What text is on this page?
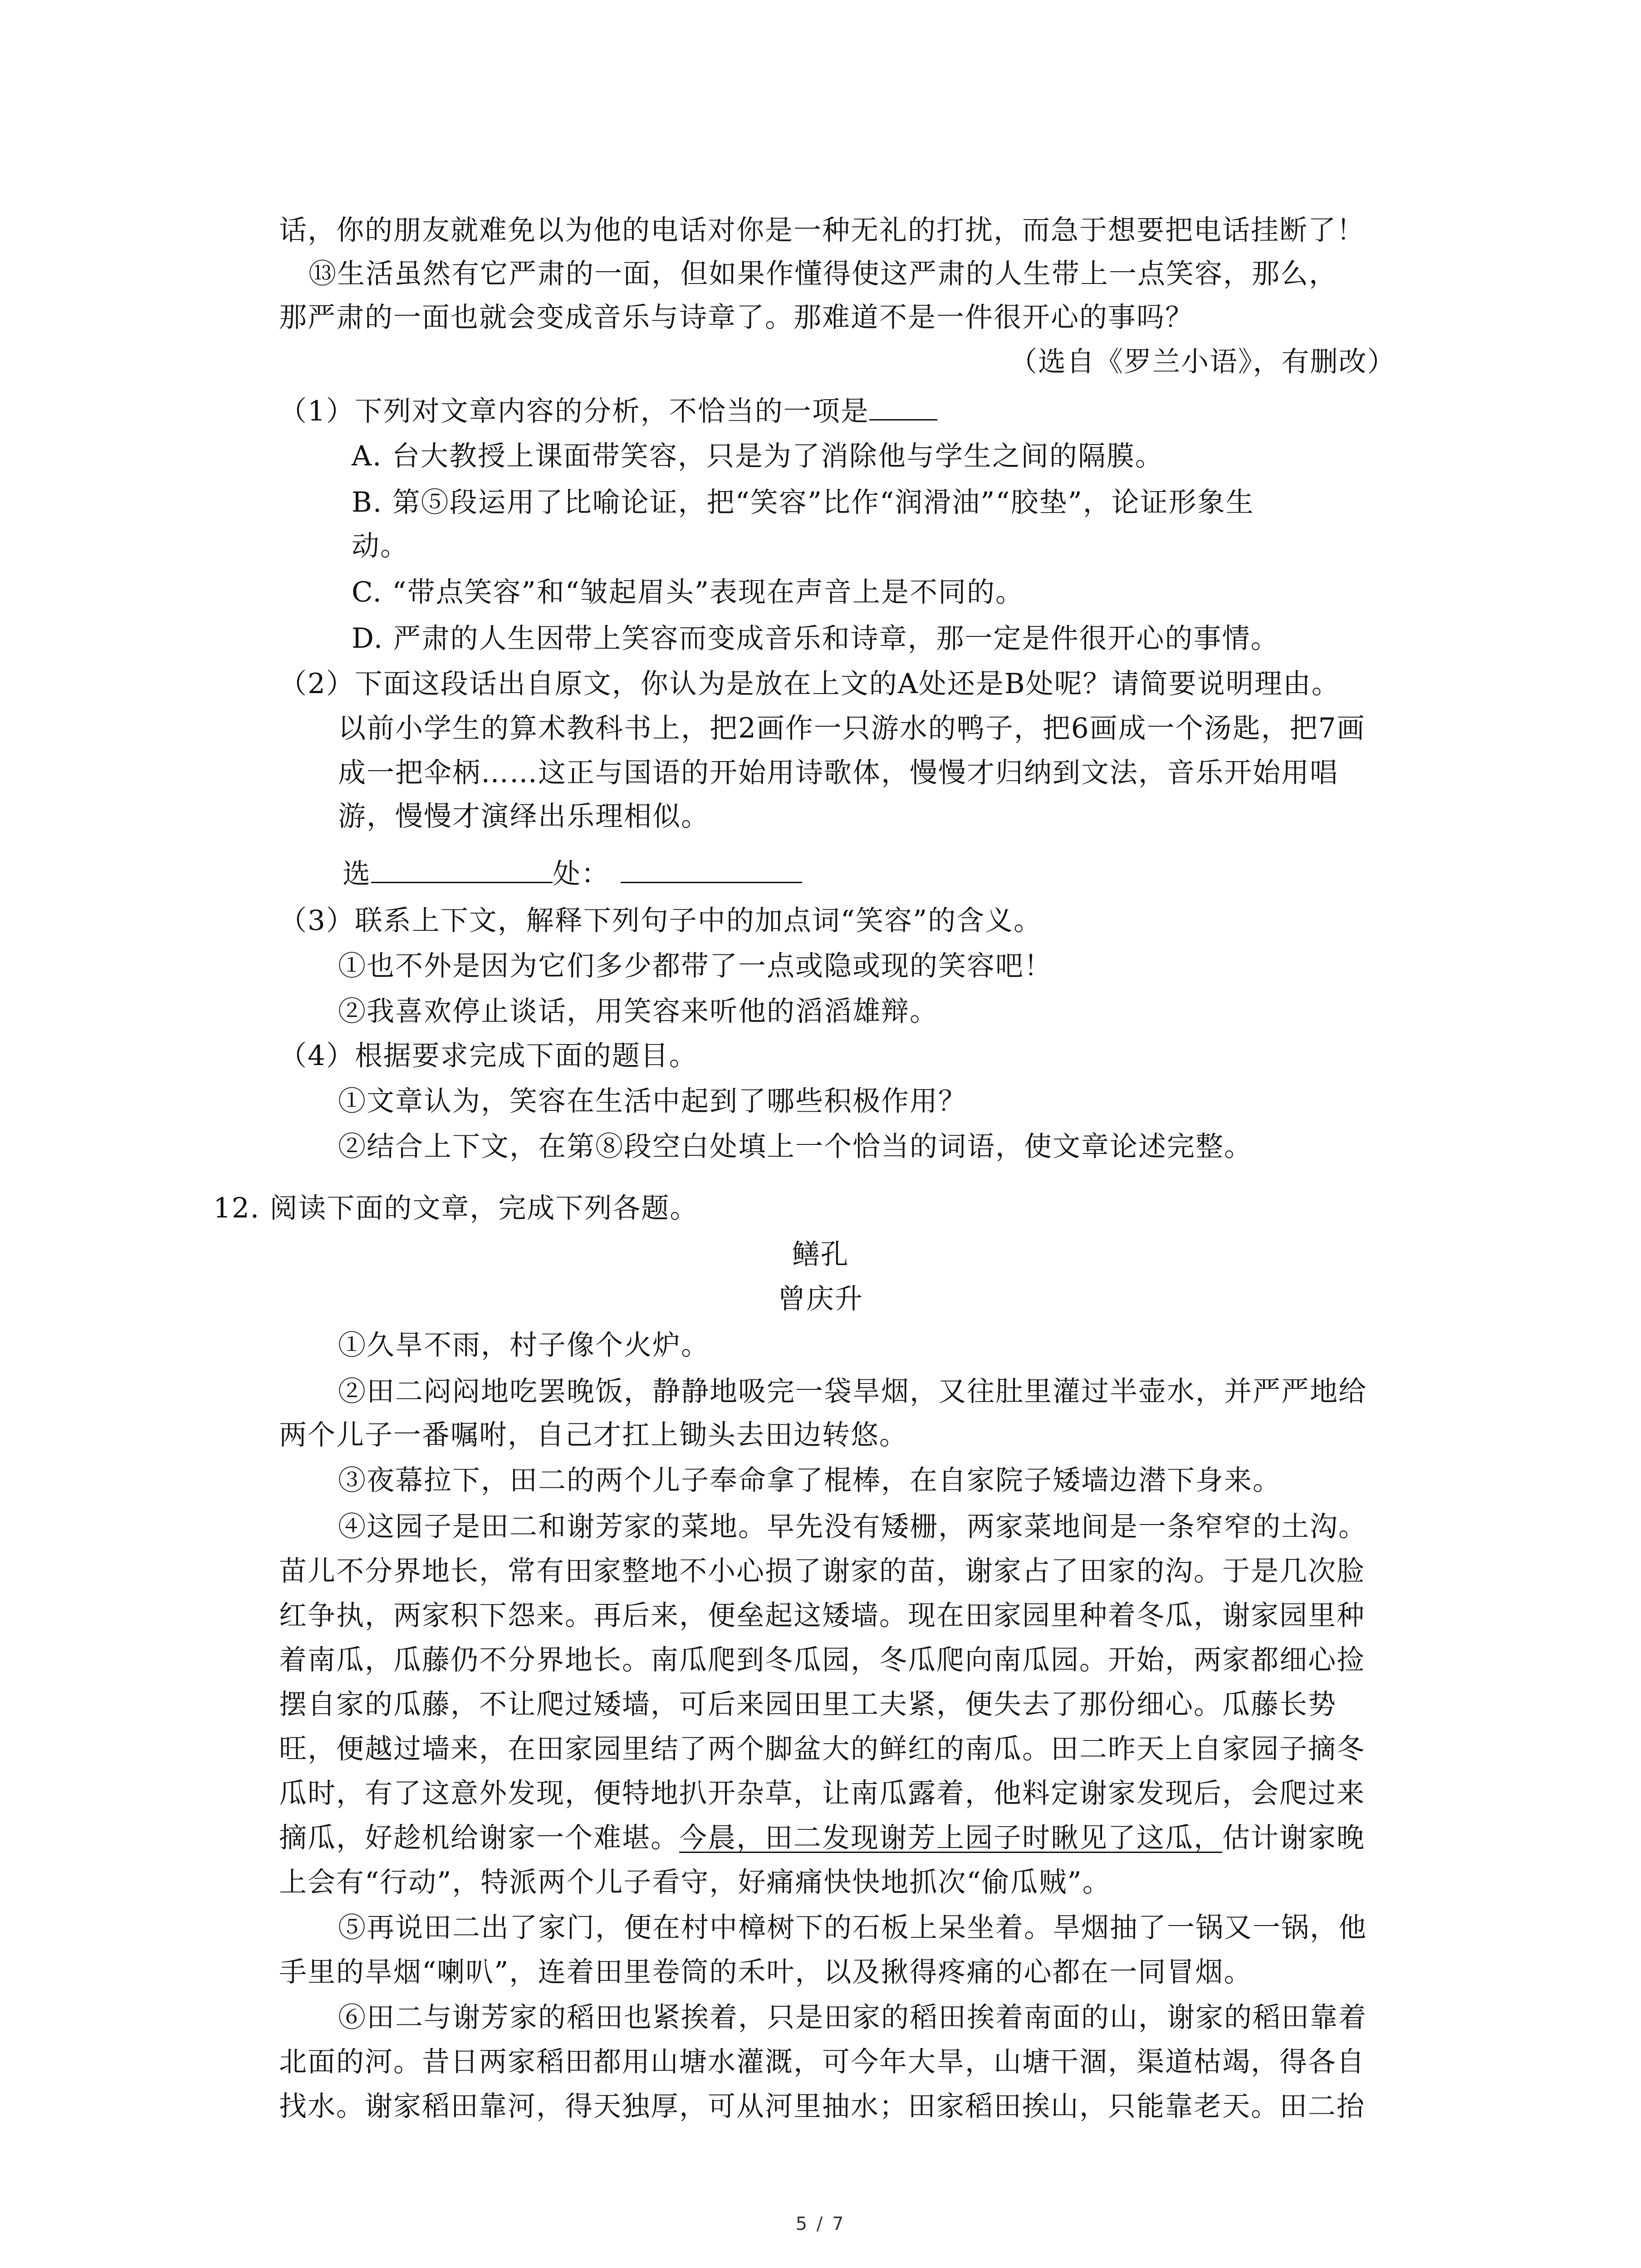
话，你的朋友就难免以为他的电话对你是一种无礼的打扰，而急于想要把电话挂断了！
⑬生活虽然有它严肃的一面，但如果作懂得使这严肃的人生带上一点笑容，那么，
那严肃的一面也就会变成音乐与诗章了。那难道不是一件很开心的事吗？
（选自《罗兰小语》，有删改）
（1）下列对文章内容的分析，不恰当的一项是
A. 台大教授上课面带笑容，只是为了消除他与学生之间的隔膜。
B. 第⑤段运用了比喻论证，把“笑容”比作“润滑油”“胶垫”，论证形象生
动。
C. “带点笑容”和“皱起眉头”表现在声音上是不同的。
D. 严肃的人生因带上笑容而变成音乐和诗章，那一定是件很开心的事情。
（2）下面这段话出自原文，你认为是放在上文的A处还是B处呢？请简要说明理由。
以前小学生的算术教科书上，把2画作一只游水的鸭子，把6画成一个汤匙，把7画
成一把伞柄……这正与国语的开始用诗歌体，慢慢才归纳到文法，音乐开始用唱
游，慢慢才演绎出乐理相似。
选	处：
（3）联系上下文，解释下列句子中的加点词“笑容”的含义。
①也不外是因为它们多少都带了一点或隐或现的笑容吧！
②我喜欢停止谈话，用笑容来听他的滔滔雄辩。
（4）根据要求完成下面的题目。
①文章认为，笑容在生活中起到了哪些积极作用？
②结合上下文，在第⑧段空白处填上一个恰当的词语，使文章论述完整。
12. 阅读下面的文章，完成下列各题。
鳝孔
曾庆升
①久旱不雨，村子像个火炉。
②田二闷闷地吃罢晚饭，静静地吸完一袋旱烟，又往肚里灌过半壶水，并严严地给
两个儿子一番嘱咐，自己才扛上锄头去田边转悠。
③夜幕拉下，田二的两个儿子奉命拿了棍棒，在自家院子矮墙边潜下身来。
④这园子是田二和谢芳家的菜地。早先没有矮栅，两家菜地间是一条窄窄的土沟。
苗儿不分界地长，常有田家整地不小心损了谢家的苗，谢家占了田家的沟。于是几次脸
红争执，两家积下怨来。再后来，便垒起这矮墙。现在田家园里种着冬瓜，谢家园里种
着南瓜，瓜藤仍不分界地长。南瓜爬到冬瓜园，冬瓜爬向南瓜园。开始，两家都细心捡
摆自家的瓜藤，不让爬过矮墙，可后来园田里工夫紧，便失去了那份细心。瓜藤长势
旺，便越过墙来，在田家园里结了两个脚盆大的鲜红的南瓜。田二昨天上自家园子摘冬
瓜时，有了这意外发现，便特地扒开杂草，让南瓜露着，他料定谢家发现后，会爬过来
摘瓜，好趁机给谢家一个难堪。今晨，田二发现谢芳上园子时瞅见了这瓜，估计谢家晚
上会有“行动”，特派两个儿子看守，好痛痛快快地抓次“偷瓜贼”。
⑤再说田二出了家门，便在村中樟树下的石板上呆坐着。旱烟抽了一锅又一锅，他
手里的旱烟“喇叭”，连着田里卷筒的禾叶，以及揪得疼痛的心都在一同冒烟。
⑥田二与谢芳家的稻田也紧挨着，只是田家的稻田挨着南面的山，谢家的稻田靠着
北面的河。昔日两家稻田都用山塘水灌溉，可今年大旱，山塘干涸，渠道枯竭，得各自
找水。谢家稻田靠河，得天独厚，可从河里抽水；田家稻田挨山，只能靠老天。田二抬
5 / 7
